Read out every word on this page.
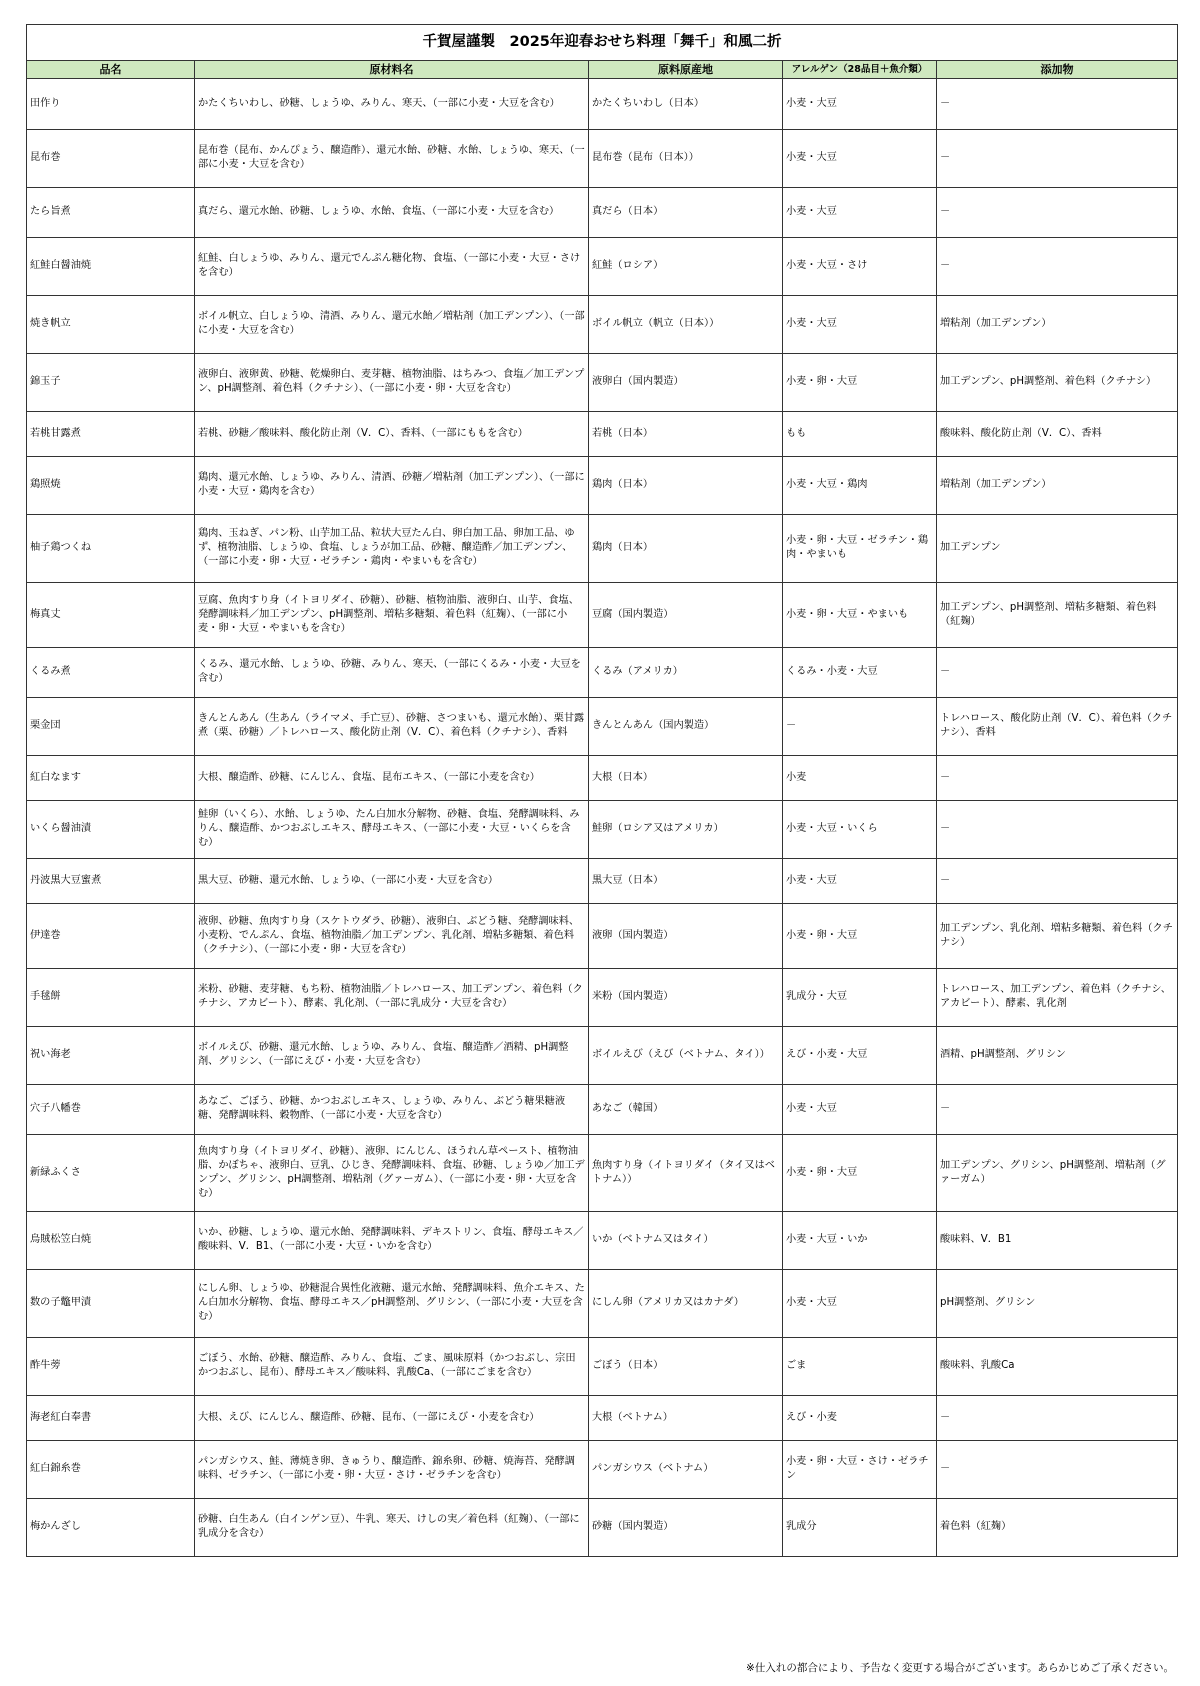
千賀屋謹製　2025年迎春おせち料理「舞千」和風二折
品名	原材料名	原料原産地	アレルゲン（28品目＋魚介類）	添加物
田作り	かたくちいわし、砂糖、しょうゆ、みりん、寒天、（一部に小麦・大豆を含む）	かたくちいわし（日本）	小麦・大豆	－
昆布巻	昆布巻（昆布、かんぴょう、醸造酢）、還元水飴、砂糖、水飴、しょうゆ、寒天、（一部に小麦・大豆を含む）	昆布巻（昆布（日本））	小麦・大豆	－
たら旨煮	真だら、還元水飴、砂糖、しょうゆ、水飴、食塩、（一部に小麦・大豆を含む）	真だら（日本）	小麦・大豆	－
紅鮭白醤油焼	紅鮭、白しょうゆ、みりん、還元でんぷん糖化物、食塩、（一部に小麦・大豆・さけを含む）	紅鮭（ロシア）	小麦・大豆・さけ	－
焼き帆立	ボイル帆立、白しょうゆ、清酒、みりん、還元水飴／増粘剤（加工デンプン）、（一部に小麦・大豆を含む）	ボイル帆立（帆立（日本））	小麦・大豆	増粘剤（加工デンプン）
錦玉子	液卵白、液卵黄、砂糖、乾燥卵白、麦芽糖、植物油脂、はちみつ、食塩／加工デンプン、pH調整剤、着色料（クチナシ）、（一部に小麦・卵・大豆を含む）	液卵白（国内製造）	小麦・卵・大豆	加工デンプン、pH調整剤、着色料（クチナシ）
若桃甘露煮	若桃、砂糖／酸味料、酸化防止剤（V．C）、香料、（一部にももを含む）	若桃（日本）	もも	酸味料、酸化防止剤（V．C）、香料
鶏照焼	鶏肉、還元水飴、しょうゆ、みりん、清酒、砂糖／増粘剤（加工デンプン）、（一部に小麦・大豆・鶏肉を含む）	鶏肉（日本）	小麦・大豆・鶏肉	増粘剤（加工デンプン）
柚子鶏つくね	鶏肉、玉ねぎ、パン粉、山芋加工品、粒状大豆たん白、卵白加工品、卵加工品、ゆず、植物油脂、しょうゆ、食塩、しょうが加工品、砂糖、醸造酢／加工デンプン、（一部に小麦・卵・大豆・ゼラチン・鶏肉・やまいもを含む）	鶏肉（日本）	小麦・卵・大豆・ゼラチン・鶏肉・やまいも	加工デンプン
梅真丈	豆腐、魚肉すり身（イトヨリダイ、砂糖）、砂糖、植物油脂、液卵白、山芋、食塩、発酵調味料／加工デンプン、pH調整剤、増粘多糖類、着色料（紅麹）、（一部に小麦・卵・大豆・やまいもを含む）	豆腐（国内製造）	小麦・卵・大豆・やまいも	加工デンプン、pH調整剤、増粘多糖類、着色料（紅麹）
くるみ煮	くるみ、還元水飴、しょうゆ、砂糖、みりん、寒天、（一部にくるみ・小麦・大豆を含む）	くるみ（アメリカ）	くるみ・小麦・大豆	－
栗金団	きんとんあん（生あん（ライマメ、手亡豆）、砂糖、さつまいも、還元水飴）、栗甘露煮（栗、砂糖）／トレハロース、酸化防止剤（V．C）、着色料（クチナシ）、香料	きんとんあん（国内製造）	－	トレハロース、酸化防止剤（V．C）、着色料（クチナシ）、香料
紅白なます	大根、醸造酢、砂糖、にんじん、食塩、昆布エキス、（一部に小麦を含む）	大根（日本）	小麦	－
いくら醤油漬	鮭卵（いくら）、水飴、しょうゆ、たん白加水分解物、砂糖、食塩、発酵調味料、みりん、醸造酢、かつおぶしエキス、酵母エキス、（一部に小麦・大豆・いくらを含む）	鮭卵（ロシア又はアメリカ）	小麦・大豆・いくら	－
丹波黒大豆蜜煮	黒大豆、砂糖、還元水飴、しょうゆ、（一部に小麦・大豆を含む）	黒大豆（日本）	小麦・大豆	－
伊達巻	液卵、砂糖、魚肉すり身（スケトウダラ、砂糖）、液卵白、ぶどう糖、発酵調味料、小麦粉、でんぷん、食塩、植物油脂／加工デンプン、乳化剤、増粘多糖類、着色料（クチナシ）、（一部に小麦・卵・大豆を含む）	液卵（国内製造）	小麦・卵・大豆	加工デンプン、乳化剤、増粘多糖類、着色料（クチナシ）
手毬餅	米粉、砂糖、麦芽糖、もち粉、植物油脂／トレハロース、加工デンプン、着色料（クチナシ、アカビート）、酵素、乳化剤、（一部に乳成分・大豆を含む）	米粉（国内製造）	乳成分・大豆	トレハロース、加工デンプン、着色料（クチナシ、アカビート）、酵素、乳化剤
祝い海老	ボイルえび、砂糖、還元水飴、しょうゆ、みりん、食塩、醸造酢／酒精、pH調整剤、グリシン、（一部にえび・小麦・大豆を含む）	ボイルえび（えび（ベトナム、タイ））	えび・小麦・大豆	酒精、pH調整剤、グリシン
穴子八幡巻	あなご、ごぼう、砂糖、かつおぶしエキス、しょうゆ、みりん、ぶどう糖果糖液糖、発酵調味料、穀物酢、（一部に小麦・大豆を含む）	あなご（韓国）	小麦・大豆	－
新緑ふくさ	魚肉すり身（イトヨリダイ、砂糖）、液卵、にんじん、ほうれん草ペースト、植物油脂、かぼちゃ、液卵白、豆乳、ひじき、発酵調味料、食塩、砂糖、しょうゆ／加工デンプン、グリシン、pH調整剤、増粘剤（グァーガム）、（一部に小麦・卵・大豆を含む）	魚肉すり身（イトヨリダイ（タイ又はベトナム））	小麦・卵・大豆	加工デンプン、グリシン、pH調整剤、増粘剤（グァーガム）
烏賊松笠白焼	いか、砂糖、しょうゆ、還元水飴、発酵調味料、デキストリン、食塩、酵母エキス／酸味料、V．B1、（一部に小麦・大豆・いかを含む）	いか（ベトナム又はタイ）	小麦・大豆・いか	酸味料、V．B1
数の子鼈甲漬	にしん卵、しょうゆ、砂糖混合異性化液糖、還元水飴、発酵調味料、魚介エキス、たん白加水分解物、食塩、酵母エキス／pH調整剤、グリシン、（一部に小麦・大豆を含む）	にしん卵（アメリカ又はカナダ）	小麦・大豆	pH調整剤、グリシン
酢牛蒡	ごぼう、水飴、砂糖、醸造酢、みりん、食塩、ごま、風味原料（かつおぶし、宗田かつおぶし、昆布）、酵母エキス／酸味料、乳酸Ca、（一部にごまを含む）	ごぼう（日本）	ごま	酸味料、乳酸Ca
海老紅白奉書	大根、えび、にんじん、醸造酢、砂糖、昆布、（一部にえび・小麦を含む）	大根（ベトナム）	えび・小麦	－
紅白錦糸巻	パンガシウス、鮭、薄焼き卵、きゅうり、醸造酢、錦糸卵、砂糖、焼海苔、発酵調味料、ゼラチン、（一部に小麦・卵・大豆・さけ・ゼラチンを含む）	パンガシウス（ベトナム）	小麦・卵・大豆・さけ・ゼラチン	－
梅かんざし	砂糖、白生あん（白インゲン豆）、牛乳、寒天、けしの実／着色料（紅麹）、（一部に乳成分を含む）	砂糖（国内製造）	乳成分	着色料（紅麹）
※仕入れの都合により、予告なく変更する場合がございます。あらかじめご了承ください。
